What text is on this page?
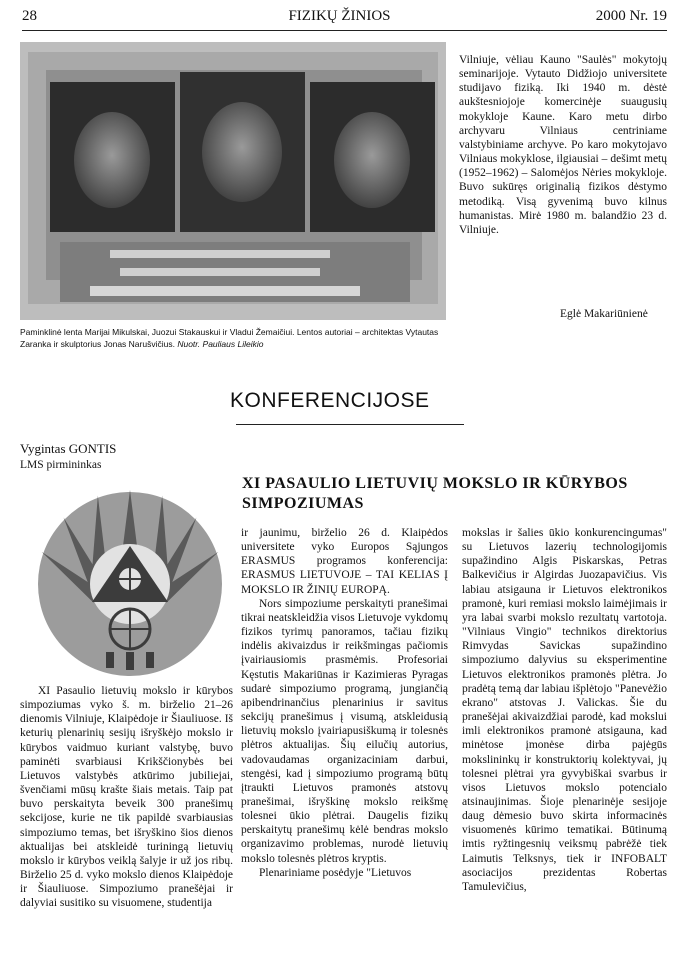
28	FIZIKŲ ŽINIOS	2000 Nr. 19
Paminklinė lenta Marijai Mikulskai, Juozui Stakauskui ir Vladui Žemaičiui. Lentos autoriai – architektas Vytautas Zaranka ir skulptorius Jonas Narušvičius. Nuotr. Pauliaus Lileikio

Vilniuje, vėliau Kauno "Saulės" mokytojų seminarijoje. Vytauto Didžiojo universitete studijavo fiziką. Iki 1940 m. dėstė aukštesniojoje komercinėje suaugusių mokykloje Kaune. Karo metu dirbo archyvaru Vilniaus centriniame valstybiniame archyve. Po karo mokytojavo Vilniaus mokyklose, ilgiausiai – dešimt metų (1952–1962) – Salomėjos Nėries mokykloje. Buvo sukūręs originalią fizikos dėstymo metodiką. Visą gyvenimą buvo kilnus humanistas. Mirė 1980 m. balandžio 23 d. Vilniuje.

Eglė Makariūnienė
KONFERENCIJOSE
Vygintas GONTIS
LMS pirmininkas
XI PASAULIO LIETUVIŲ MOKSLO IR KŪRYBOS SIMPOZIUMAS

XI Pasaulio lietuvių mokslo ir kūrybos simpoziumas vyko š. m. birželio 21–26 dienomis Vilniuje, Klaipėdoje ir Šiauliuose. Iš keturių plenarinių sesijų išryškėjo mokslo ir kūrybos vaidmuo kuriant valstybę, buvo paminėti svarbiausi Krikščionybės bei Lietuvos valstybės atkūrimo jubiliejai, švenčiami mūsų krašte šiais metais. Taip pat buvo perskaityta beveik 300 pranešimų sekcijose, kurie ne tik papildė svarbiausias simpoziumo temas, bet išryškino šios dienos aktualijas bei atskleidė turiningą lietuvių mokslo ir kūrybos veiklą šalyje ir už jos ribų. Birželio 25 d. vyko mokslo dienos Klaipėdoje ir Šiauliuose. Simpoziumo pranešėjai ir dalyviai susitiko su visuomene, studentija

ir jaunimu, birželio 26 d. Klaipėdos universitete vyko Europos Sąjungos ERASMUS programos konferencija: ERASMUS LIETUVOJE – TAI KELIAS Į MOKSLO IR ŽINIŲ EUROPĄ.

Nors simpoziume perskaityti pranešimai tikrai neatskleidžia visos Lietuvoje vykdomų fizikos tyrimų panoramos, tačiau fizikų indėlis akivaizdus ir reikšmingas pačiomis įvairiausiomis prasmėmis. Profesoriai Kęstutis Makariūnas ir Kazimieras Pyragas sudarė simpoziumo programą, jungiančią apibendrinančius plenarinius ir savitus sekcijų pranešimus į visumą, atskleidusią lietuvių mokslo įvairiapusiškumą ir tolesnės plėtros aktualijas. Šių eilučių autorius, vadovaudamas organizaciniam darbui, stengėsi, kad į simpoziumo programą būtų įtraukti Lietuvos pramonės atstovų pranešimai, išryškinę mokslo reikšmę tolesnei ūkio plėtrai. Daugelis fizikų perskaitytų pranešimų kėlė bendras mokslo organizavimo problemas, nurodė lietuvių mokslo tolesnės plėtros kryptis.

Plenariniame posėdyje "Lietuvos

mokslas ir šalies ūkio konkurencingumas" su Lietuvos lazerių technologijomis supažindino Algis Piskarskas, Petras Balkevičius ir Algirdas Juozapavičius. Vis labiau atsigauna ir Lietuvos elektronikos pramonė, kuri remiasi mokslo laimėjimais ir yra labai svarbi mokslo rezultatų vartotoja. "Vilniaus Vingio" technikos direktorius Rimvydas Savickas supažindino simpoziumo dalyvius su eksperimentine Lietuvos elektronikos pramonės plėtra. Jo pradėtą temą dar labiau išplėtojo "Panevėžio ekrano" atstovas J. Valickas. Šie du pranešėjai akivaizdžiai parodė, kad mokslui imli elektronikos pramonė atsigauna, kad minėtose įmonėse dirba pajėgūs mokslininkų ir konstruktorių kolektyvai, jų tolesnei plėtrai yra gyvybiškai svarbus ir visos Lietuvos mokslo potencialo atsinaujinimas. Šioje plenarinėje sesijoje daug dėmesio buvo skirta informacinės visuomenės kūrimo tematikai. Būtinumą imtis ryžtingesnių veiksmų pabrėžė tiek Laimutis Telksnys, tiek ir INFOBALT asociacijos prezidentas Robertas Tamulevičius,
